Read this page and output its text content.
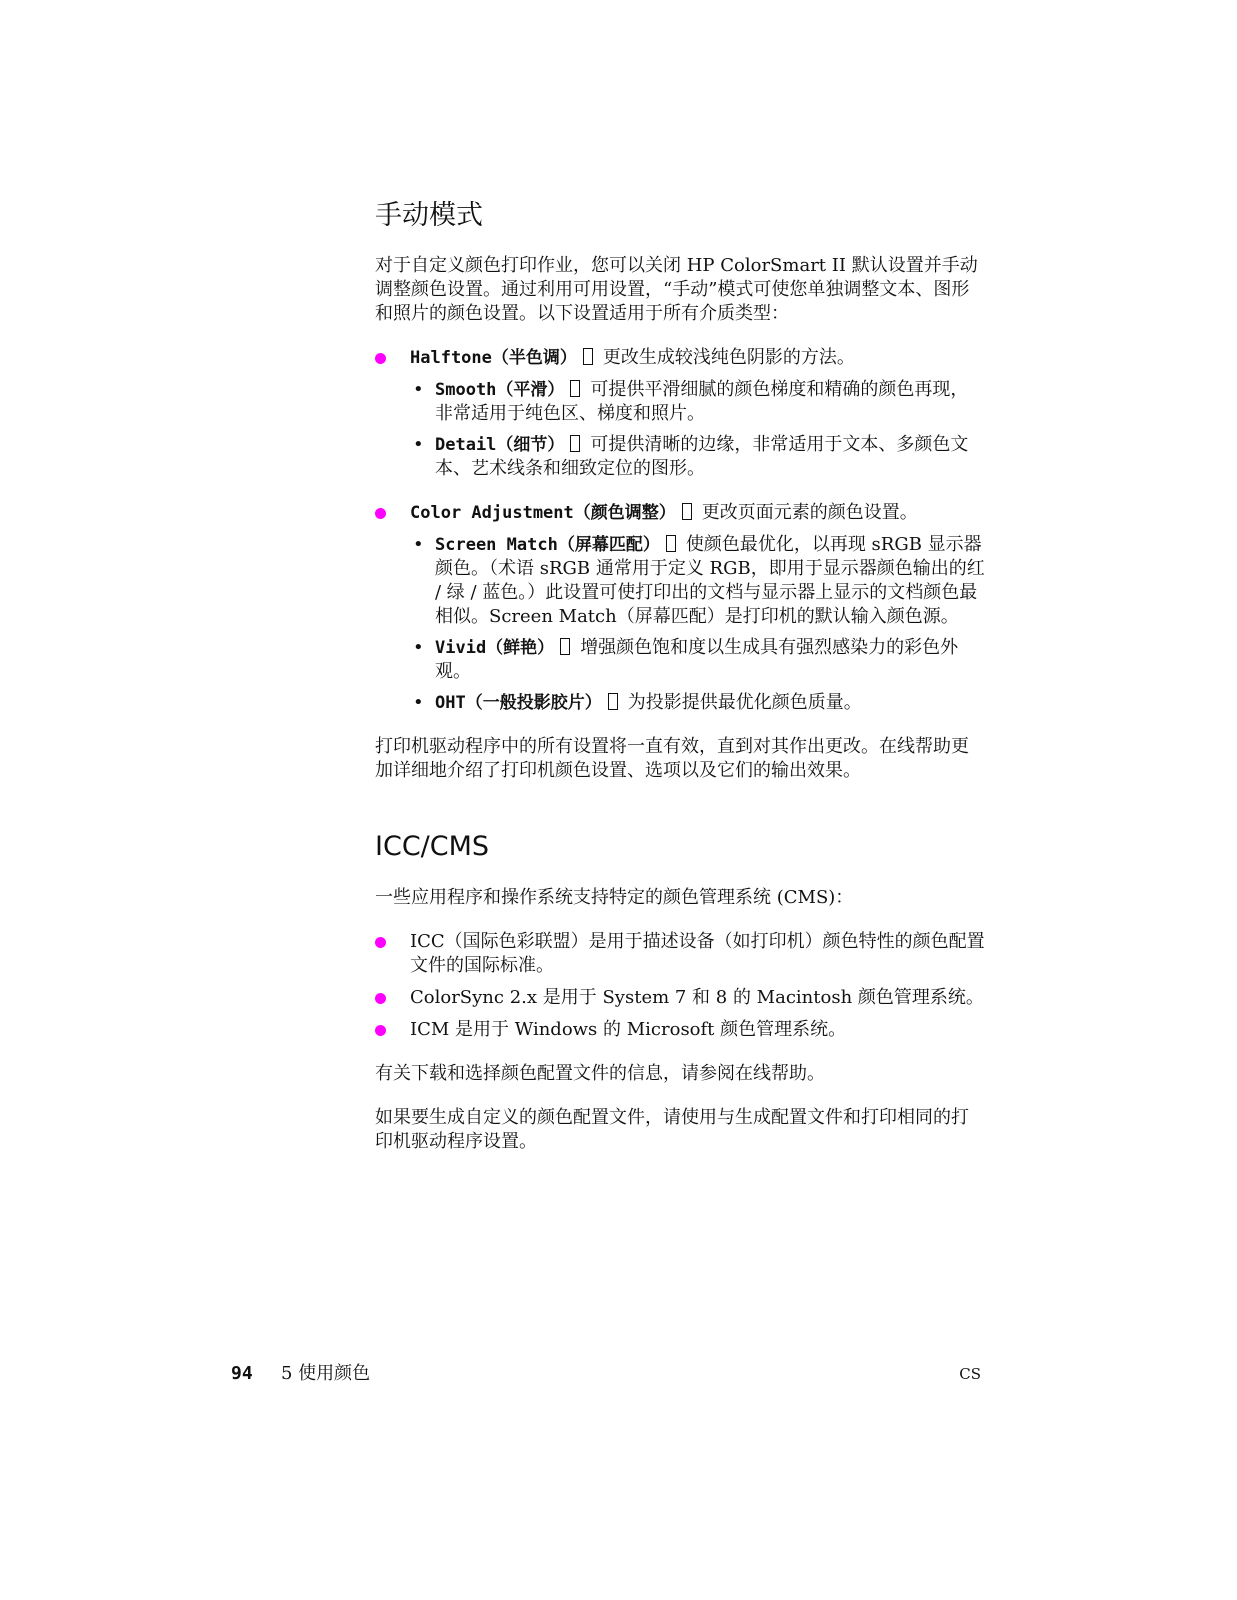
手动模式

对于自定义颜色打印作业，您可以关闭 HP ColorSmart II 默认设置并手动调整颜色设置。通过利用可用设置，“手动”模式可使您单独调整文本、图形和照片的颜色设置。以下设置适用于所有介质类型：

Halftone（半色调） 更改生成较浅纯色阴影的方法。
• Smooth（平滑） 可提供平滑细腻的颜色梯度和精确的颜色再现，非常适用于纯色区、梯度和照片。
• Detail（细节） 可提供清晰的边缘，非常适用于文本、多颜色文本、艺术线条和细致定位的图形。
Color Adjustment（颜色调整） 更改页面元素的颜色设置。
• Screen Match（屏幕匹配） 使颜色最优化，以再现 sRGB 显示器颜色。（术语 sRGB 通常用于定义 RGB，即用于显示器颜色输出的红 / 绿 / 蓝色。）此设置可使打印出的文档与显示器上显示的文档颜色最相似。Screen Match（屏幕匹配）是打印机的默认输入颜色源。
• Vivid（鲜艳） 增强颜色饱和度以生成具有强烈感染力的彩色外观。
• OHT（一般投影胶片） 为投影提供最优化颜色质量。

打印机驱动程序中的所有设置将一直有效，直到对其作出更改。在线帮助更加详细地介绍了打印机颜色设置、选项以及它们的输出效果。

ICC/CMS

一些应用程序和操作系统支持特定的颜色管理系统 (CMS)：

ICC（国际色彩联盟）是用于描述设备（如打印机）颜色特性的颜色配置文件的国际标准。
ColorSync 2.x 是用于 System 7 和 8 的 Macintosh 颜色管理系统。
ICM 是用于 Windows 的 Microsoft 颜色管理系统。

有关下载和选择颜色配置文件的信息，请参阅在线帮助。

如果要生成自定义的颜色配置文件，请使用与生成配置文件和打印相同的打印机驱动程序设置。

94 5 使用颜色	CS
